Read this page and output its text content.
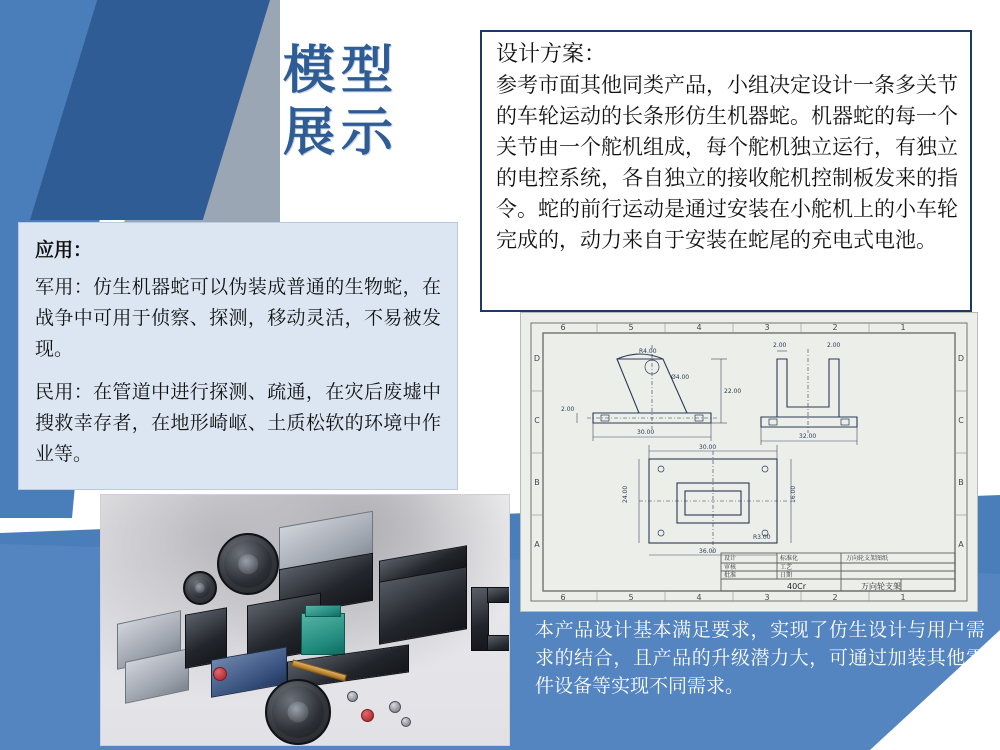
模型
展示
设计方案：
参考市面其他同类产品，小组决定设计一条多关节的车轮运动的长条形仿生机器蛇。机器蛇的每一个关节由一个舵机组成，每个舵机独立运行，有独立的电控系统，各自独立的接收舵机控制板发来的指令。蛇的前行运动是通过安装在小舵机上的小车轮完成的，动力来自于安装在蛇尾的充电式电池。
应用：

军用：仿生机器蛇可以伪装成普通的生物蛇，在战争中可用于侦察、探测，移动灵活，不易被发现。

民用：在管道中进行探测、疏通，在灾后废墟中搜救幸存者，在地形崎岖、土质松软的环境中作业等。

6	5	4	3	2	1
6	5	4	3	2	1
D
C
B
A
D
C
B
A
30.00
22.00
2.00
R4.00
Ø4.00
2.00	2.00
32.00
30.00
24.00	16.00
36.00
R3.00
设计	标准化
审核	工艺
批准	日期
万向轮支架图纸
40Cr	万向轮支架

本产品设计基本满足要求，实现了仿生设计与用户需求的结合，且产品的升级潜力大，可通过加装其他零件设备等实现不同需求。
